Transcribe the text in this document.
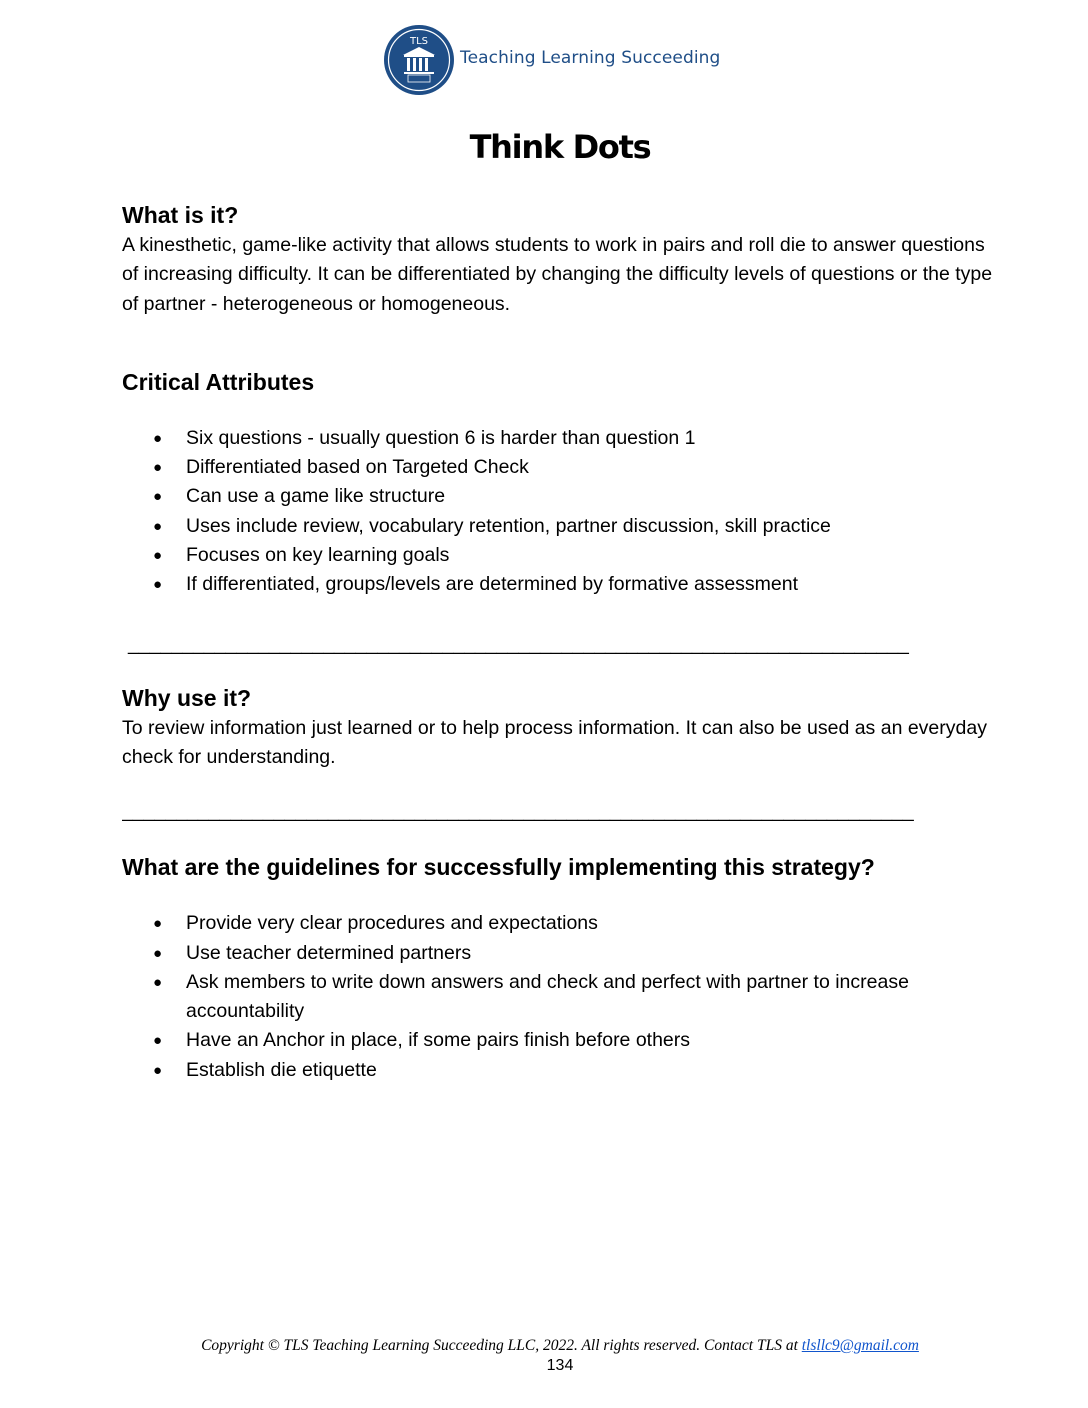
TLS
Teaching Learning Succeeding
Think Dots
What is it?

A kinesthetic, game-like activity that allows students to work in pairs and roll die to answer questions of increasing difficulty. It can be differentiated by changing the difficulty levels of questions or the type of partner - heterogeneous or homogeneous.

Critical Attributes
● Six questions - usually question 6 is harder than question 1
● Differentiated based on Targeted Check
● Can use a game like structure
● Uses include review, vocabulary retention, partner discussion, skill practice
● Focuses on key learning goals
● If differentiated, groups/levels are determined by formative assessment
________________________________________________________________________
Why use it?

To review information just learned or to help process information. It can also be used as an everyday check for understanding.

_________________________________________________________________________
What are the guidelines for successfully implementing this strategy?
● Provide very clear procedures and expectations
● Use teacher determined partners
● Ask members to write down answers and check and perfect with partner to increase accountability
● Have an Anchor in place, if some pairs finish before others
● Establish die etiquette
Copyright © TLS Teaching Learning Succeeding LLC, 2022. All rights reserved. Contact TLS at tlsllc9@gmail.com
134
